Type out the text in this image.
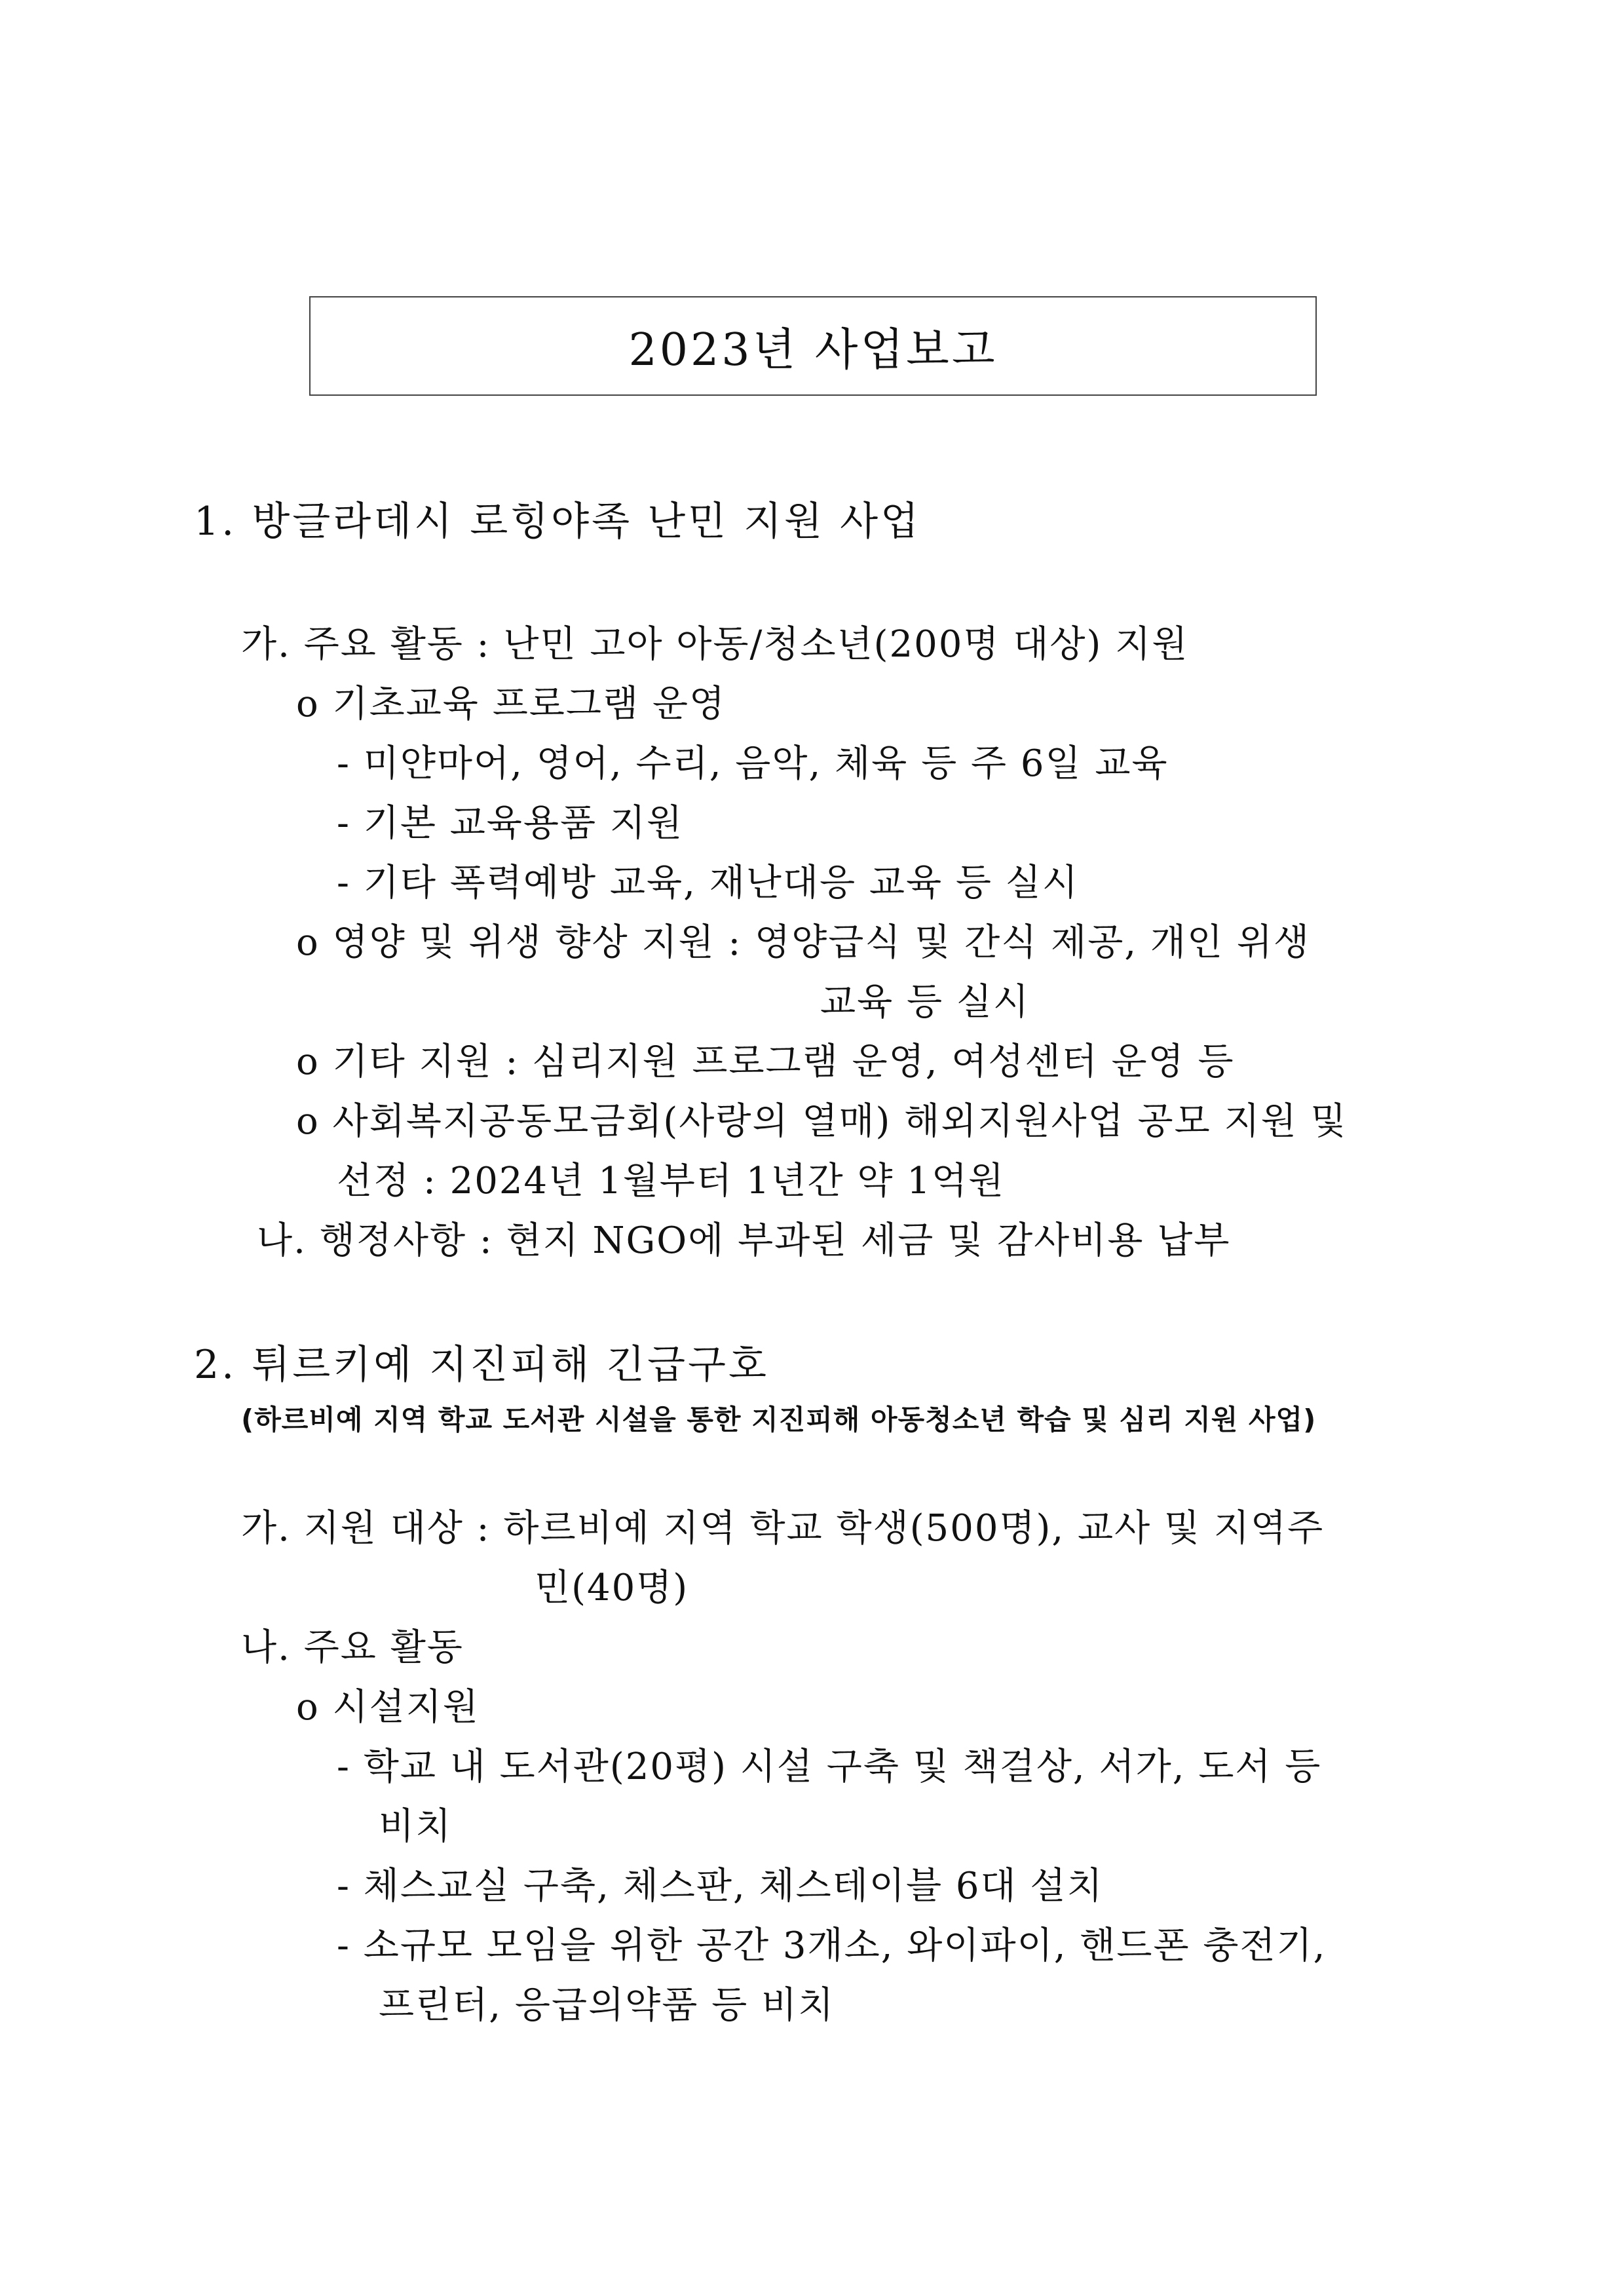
2023년 사업보고
1. 방글라데시 로힝야족 난민 지원 사업
가. 주요 활동 : 난민 고아 아동/청소년(200명 대상) 지원
o 기초교육 프로그램 운영
- 미얀마어, 영어, 수리, 음악, 체육 등 주 6일 교육
- 기본 교육용품 지원
- 기타 폭력예방 교육, 재난대응 교육 등 실시
o 영양 및 위생 향상 지원 : 영양급식 및 간식 제공, 개인 위생
교육 등 실시
o 기타 지원 : 심리지원 프로그램 운영, 여성센터 운영 등
o 사회복지공동모금회(사랑의 열매) 해외지원사업 공모 지원 및
선정 : 2024년 1월부터 1년간 약 1억원
나. 행정사항 : 현지 NGO에 부과된 세금 및 감사비용 납부
2. 튀르키예 지진피해 긴급구호
(하르비예 지역 학교 도서관 시설을 통한 지진피해 아동청소년 학습 및 심리 지원 사업)
가. 지원 대상 : 하르비예 지역 학교 학생(500명), 교사 및 지역주
민(40명)
나. 주요 활동
o 시설지원
- 학교 내 도서관(20평) 시설 구축 및 책걸상, 서가, 도서 등
비치
- 체스교실 구축, 체스판, 체스테이블 6대 설치
- 소규모 모임을 위한 공간 3개소, 와이파이, 핸드폰 충전기,
프린터, 응급의약품 등 비치
